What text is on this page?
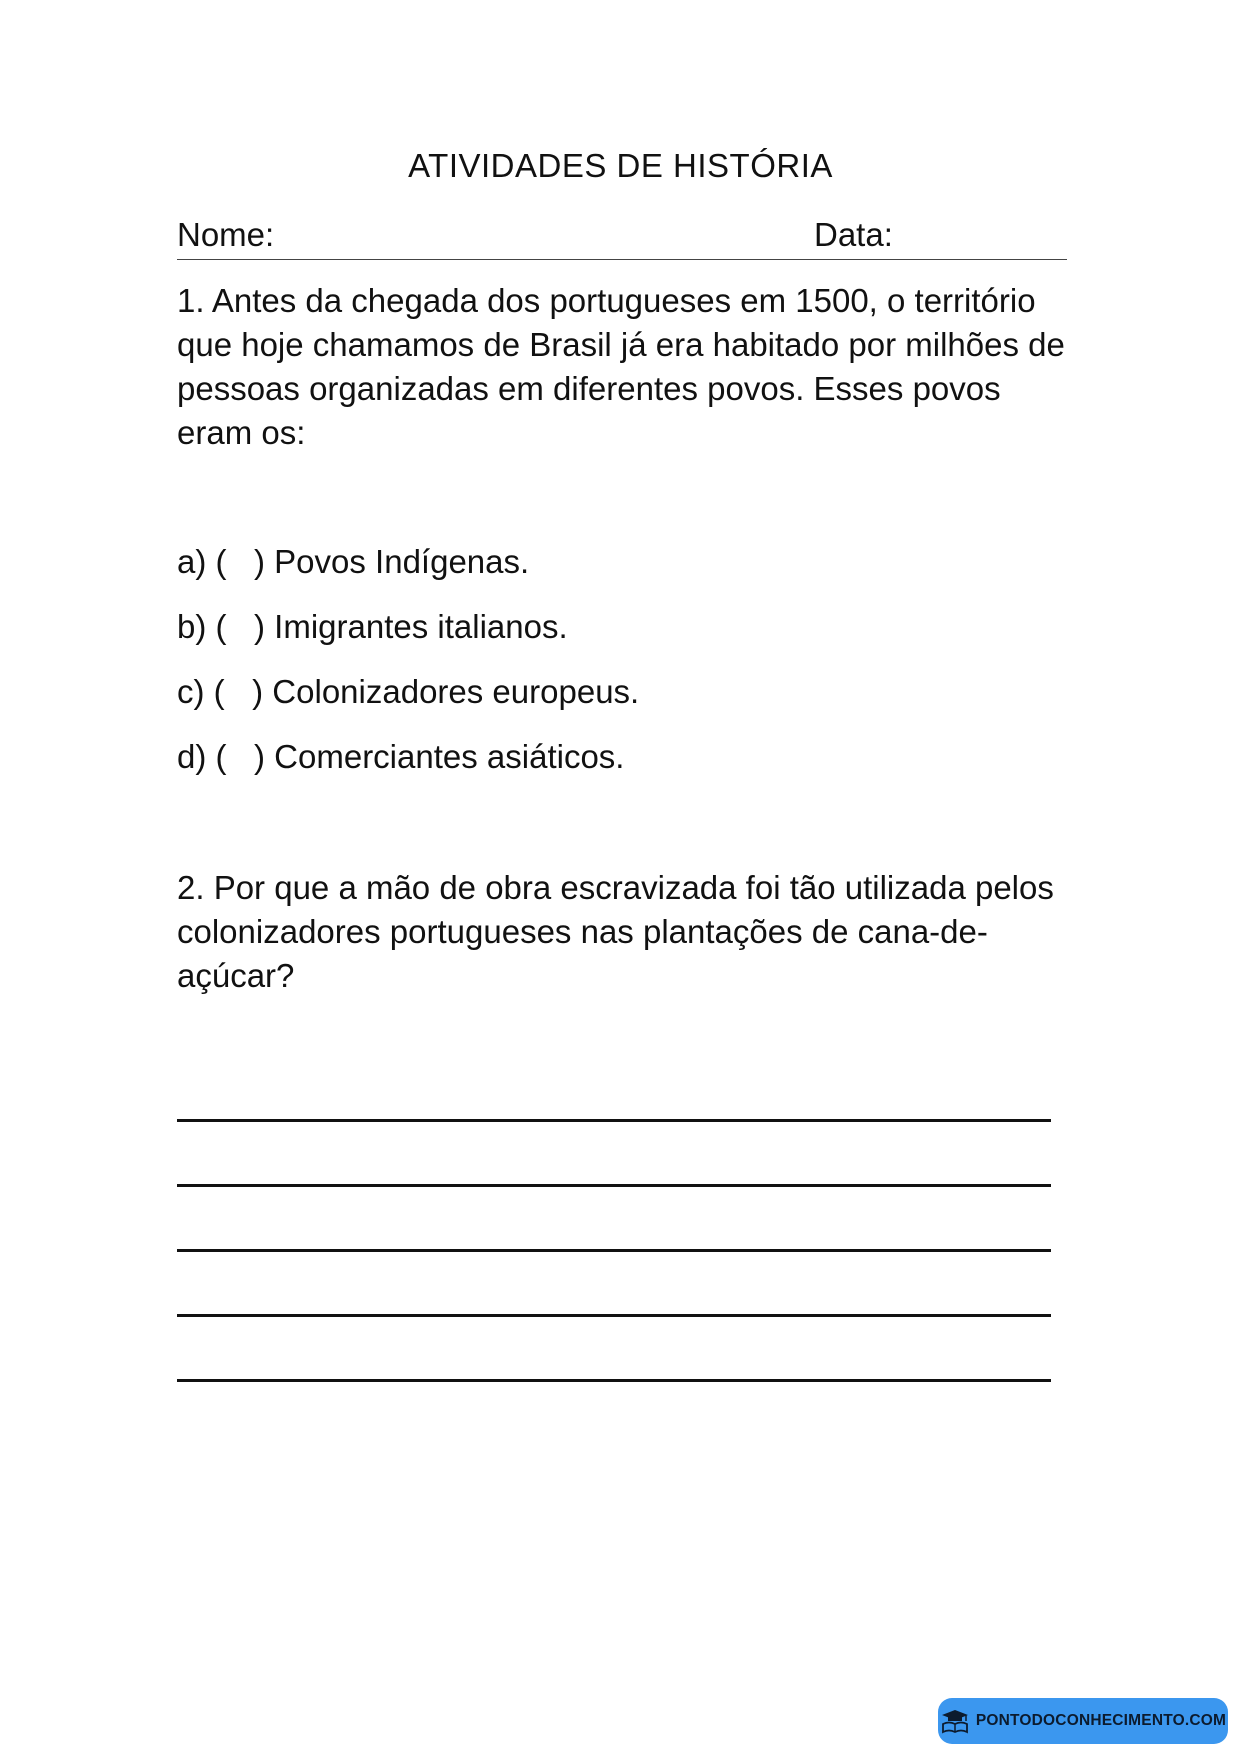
ATIVIDADES DE HISTÓRIA
Nome:	Data:
1. Antes da chegada dos portugueses em 1500, o território que hoje chamamos de Brasil já era habitado por milhões de pessoas organizadas em diferentes povos. Esses povos eram os:
a) (   ) Povos Indígenas.
b) (   ) Imigrantes italianos.
c) (   ) Colonizadores europeus.
d) (   ) Comerciantes asiáticos.
2. Por que a mão de obra escravizada foi tão utilizada pelos colonizadores portugueses nas plantações de cana-de-açúcar?
PONTODOCONHECIMENTO.COM
